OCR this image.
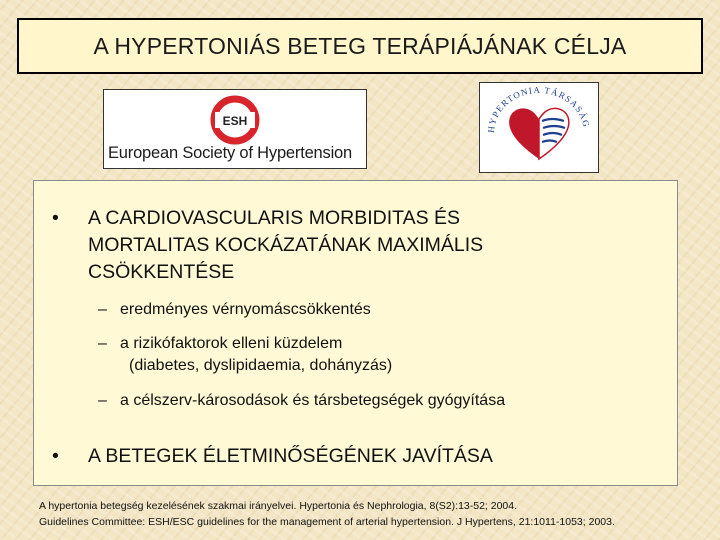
A HYPERTONIÁS BETEG TERÁPIÁJÁNAK CÉLJA
ESH
European Society of Hypertension
HYPERTONIA TÁRSASÁG
• A CARDIOVASCULARIS MORBIDITAS ÉS
MORTALITAS KOCKÁZATÁNAK MAXIMÁLIS
CSÖKKENTÉSE
– eredményes vérnyomáscsökkentés
– a rizikófaktorok elleni küzdelem
(diabetes, dyslipidaemia, dohányzás)
– a célszerv-károsodások és társbetegségek gyógyítása
• A BETEGEK ÉLETMINŐSÉGÉNEK JAVÍTÁSA
A hypertonia betegség kezelésének szakmai irányelvei. Hypertonia és Nephrologia, 8(S2):13-52; 2004.
Guidelines Committee: ESH/ESC guidelines for the management of arterial hypertension. J Hypertens, 21:1011-1053; 2003.
